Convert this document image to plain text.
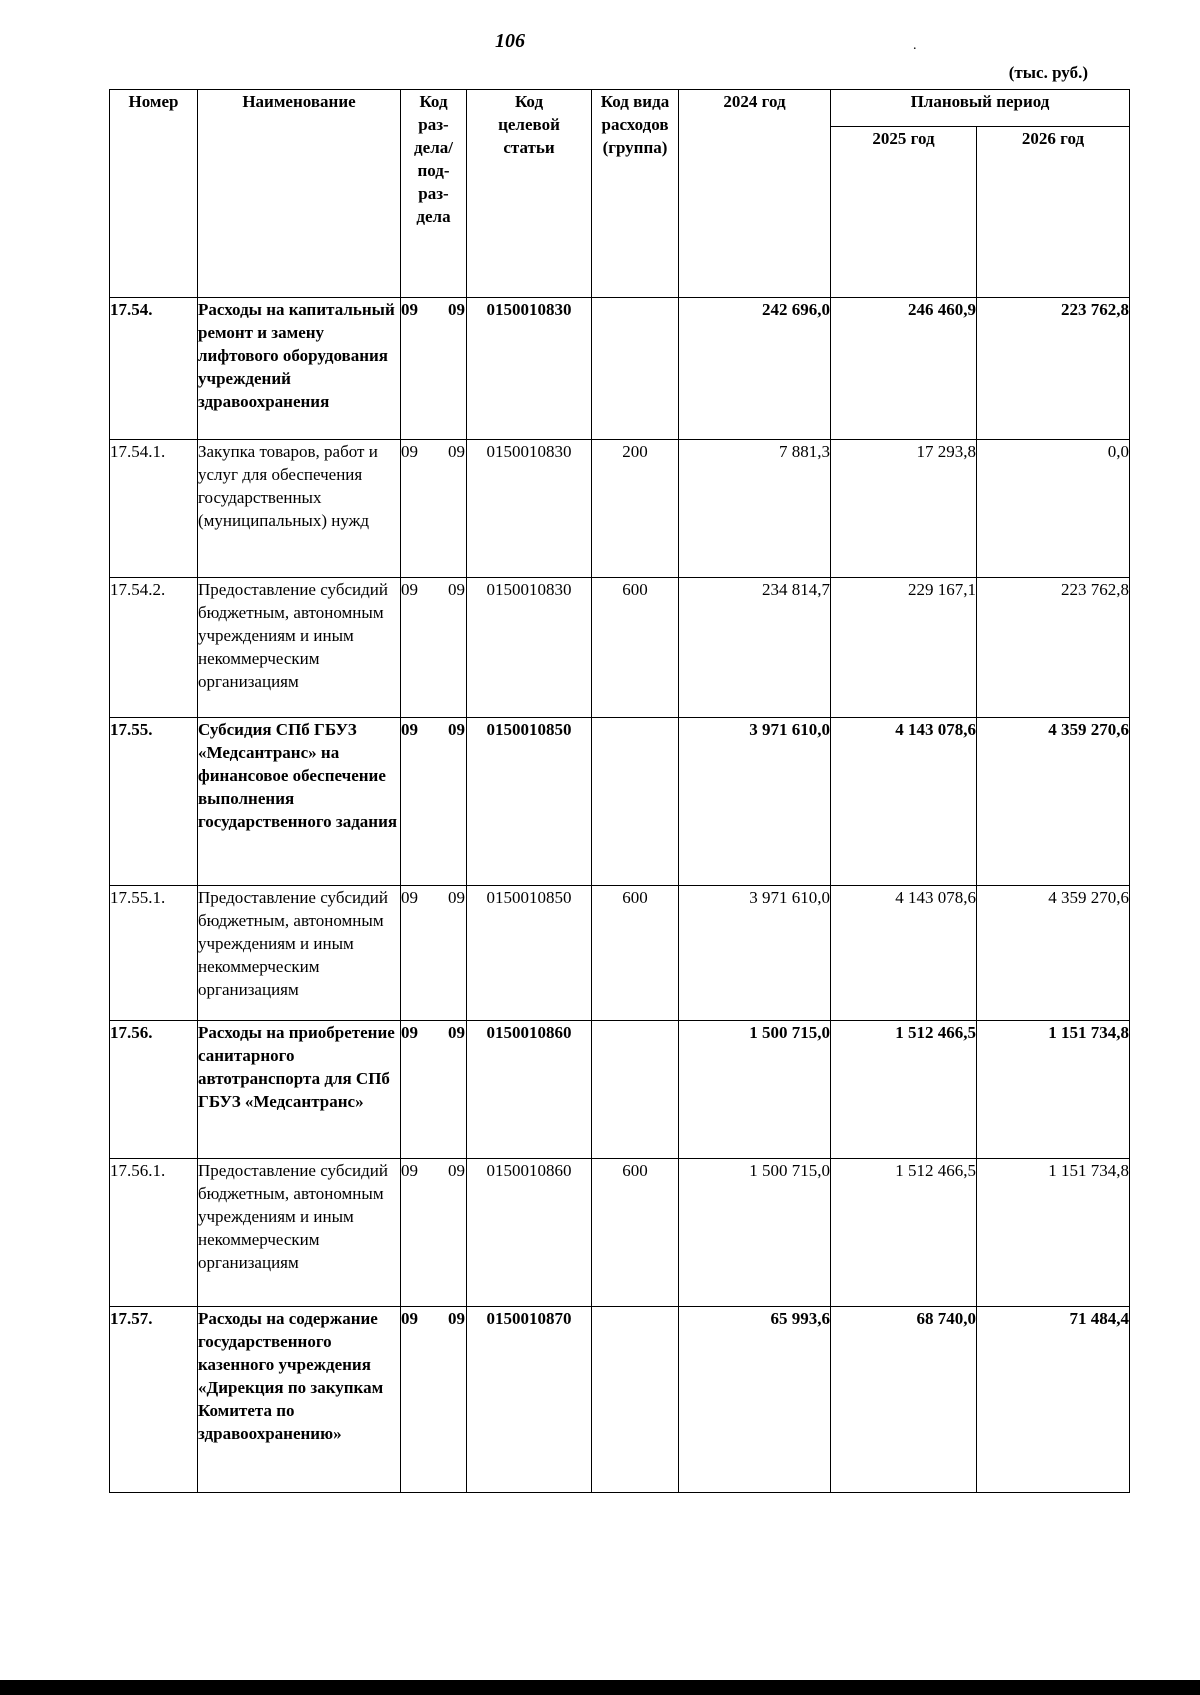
106	.
(тыс. руб.)
Номер	Наименование	Код раз-дела/ под-раз-дела	Код целевой статьи	Код вида расходов (группа)	2024 год	Плановый период	
						2025 год	2026 год
17.54.	Расходы на капитальный ремонт и замену лифтового оборудования учреждений здравоохранения	09 09	0150010830		242 696,0	246 460,9	223 762,8
17.54.1.	Закупка товаров, работ и услуг для обеспечения государственных (муниципальных) нужд	09 09	0150010830	200	7 881,3	17 293,8	0,0
17.54.2.	Предоставление субсидий бюджетным, автономным учреждениям и иным некоммерческим организациям	09 09	0150010830	600	234 814,7	229 167,1	223 762,8
17.55.	Субсидия СПб ГБУЗ «Медсантранс» на финансовое обеспечение выполнения государственного задания	09 09	0150010850		3 971 610,0	4 143 078,6	4 359 270,6
17.55.1.	Предоставление субсидий бюджетным, автономным учреждениям и иным некоммерческим организациям	09 09	0150010850	600	3 971 610,0	4 143 078,6	4 359 270,6
17.56.	Расходы на приобретение санитарного автотранспорта для СПб ГБУЗ «Медсантранс»	09 09	0150010860		1 500 715,0	1 512 466,5	1 151 734,8
17.56.1.	Предоставление субсидий бюджетным, автономным учреждениям и иным некоммерческим организациям	09 09	0150010860	600	1 500 715,0	1 512 466,5	1 151 734,8
17.57.	Расходы на содержание государственного казенного учреждения «Дирекция по закупкам Комитета по здравоохранению»	09 09	0150010870		65 993,6	68 740,0	71 484,4
